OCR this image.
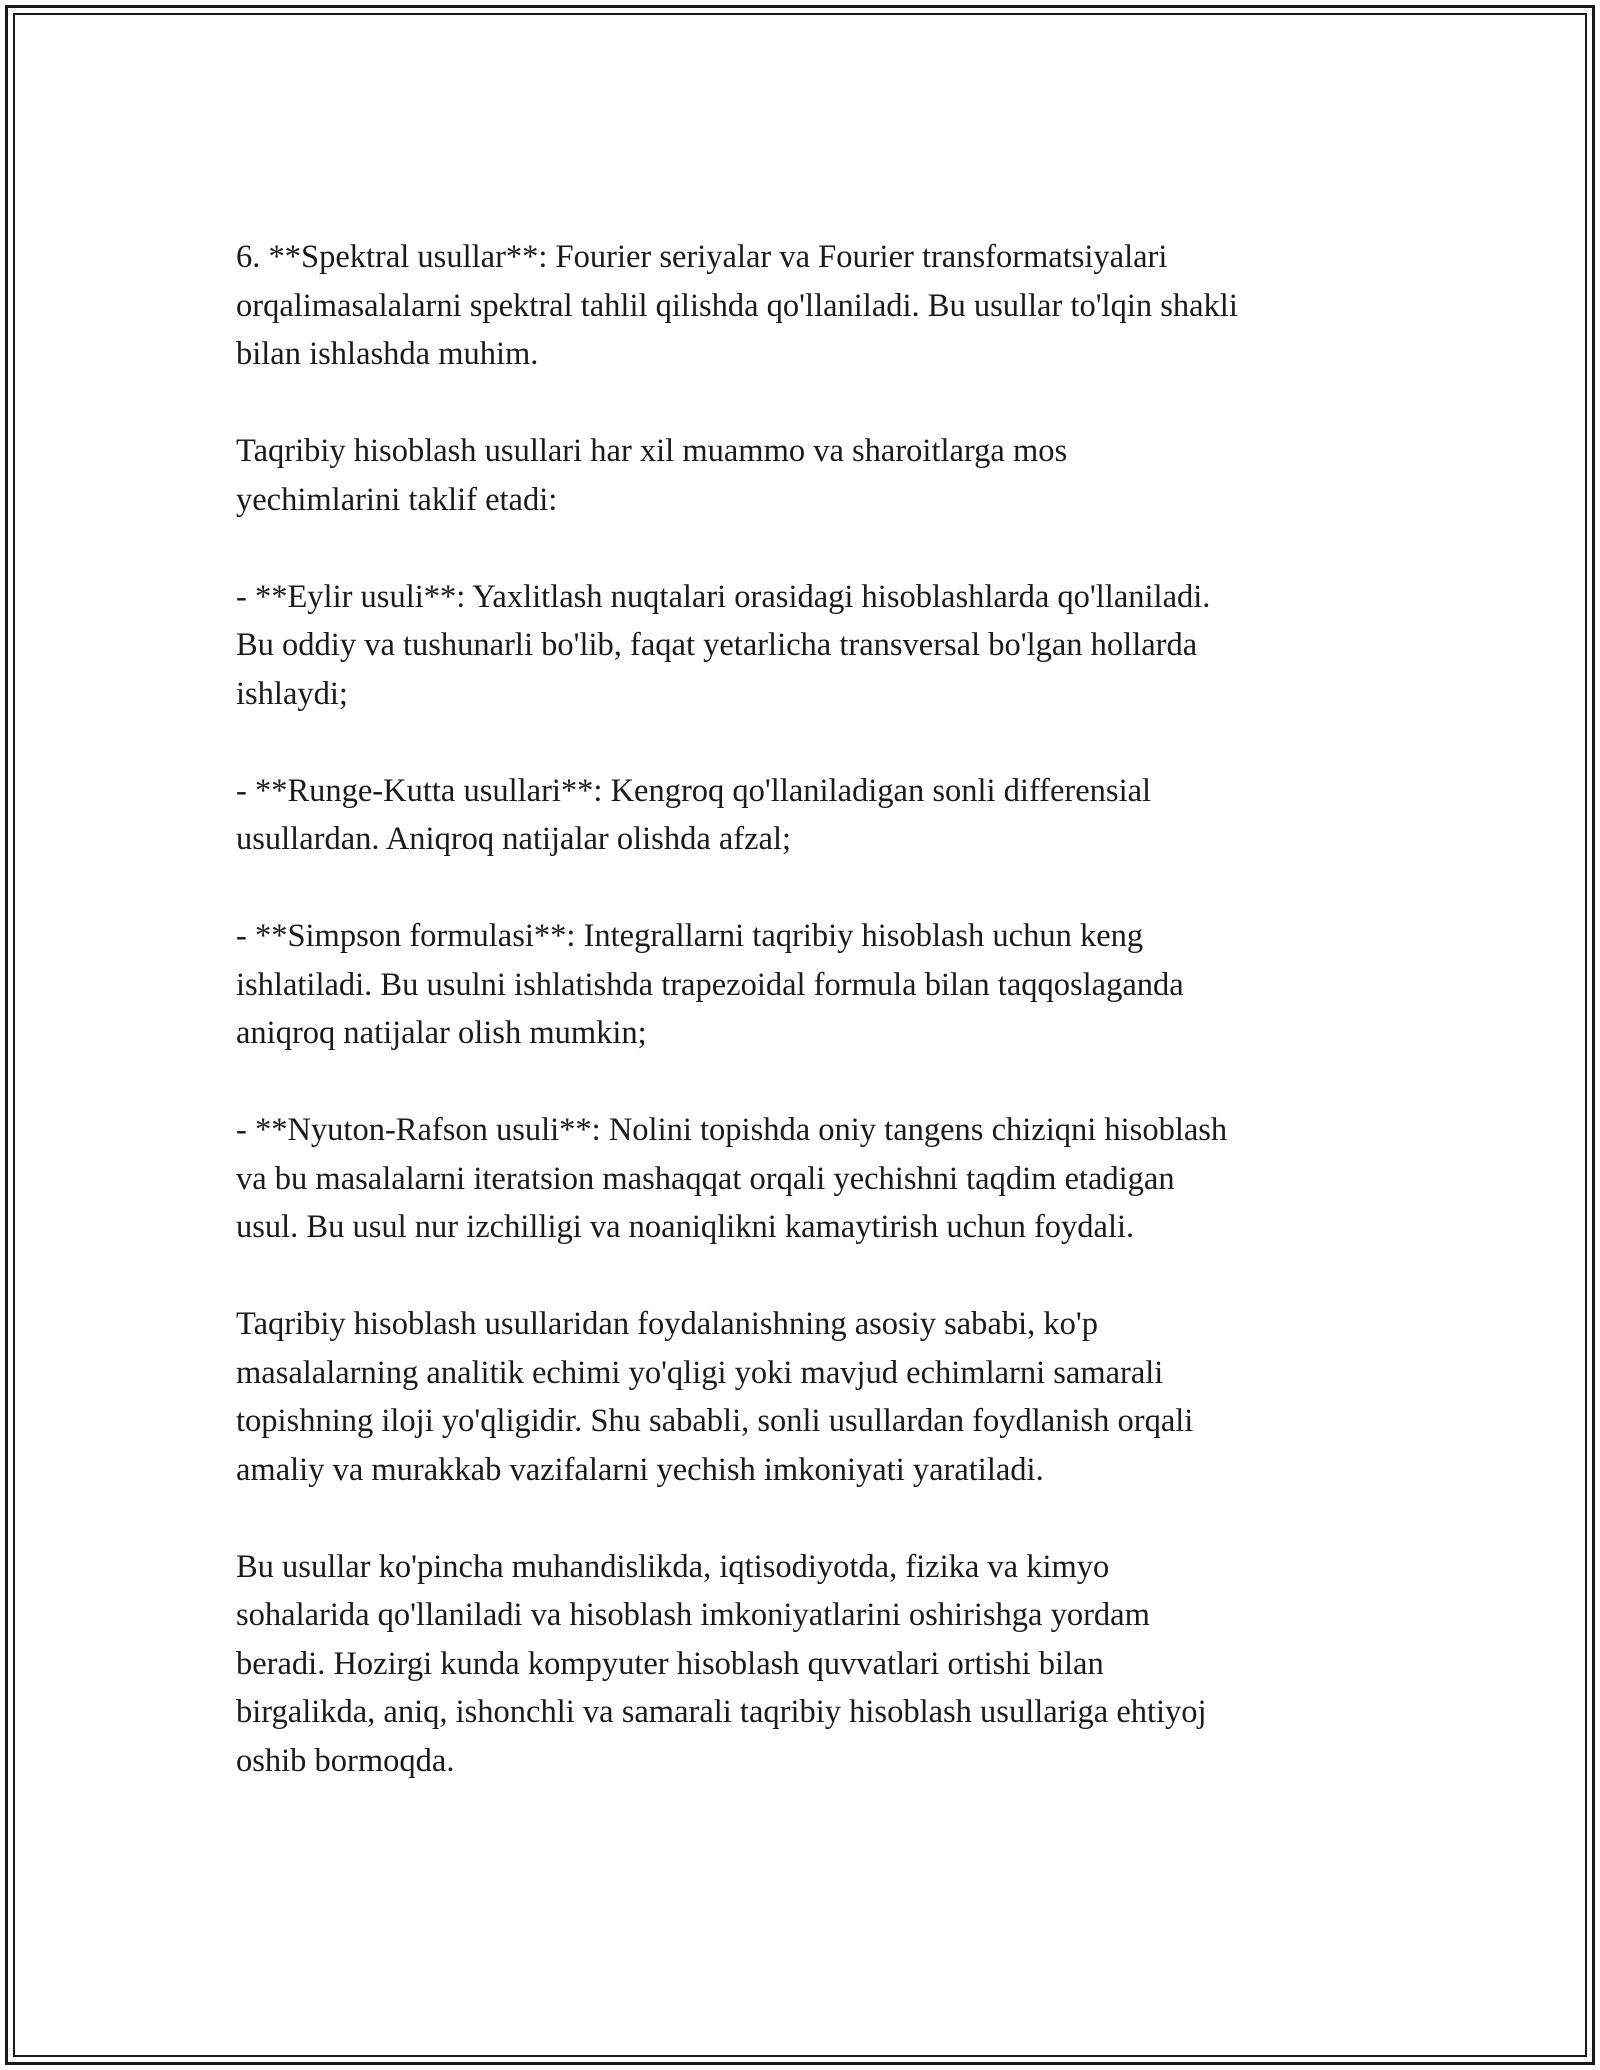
6. **Spektral usullar**: Fourier seriyalar va Fourier transformatsiyalari
orqalimasalalarni spektral tahlil qilishda qo'llaniladi. Bu usullar to'lqin shakli
bilan ishlashda muhim.

Taqribiy hisoblash usullari har xil muammo va sharoitlarga mos
yechimlarini taklif etadi:

- **Eylir usuli**: Yaxlitlash nuqtalari orasidagi hisoblashlarda qo'llaniladi.
Bu oddiy va tushunarli bo'lib, faqat yetarlicha transversal bo'lgan hollarda
ishlaydi;

- **Runge-Kutta usullari**: Kengroq qo'llaniladigan sonli differensial
usullardan. Aniqroq natijalar olishda afzal;

- **Simpson formulasi**: Integrallarni taqribiy hisoblash uchun keng
ishlatiladi. Bu usulni ishlatishda trapezoidal formula bilan taqqoslaganda
aniqroq natijalar olish mumkin;

- **Nyuton-Rafson usuli**: Nolini topishda oniy tangens chiziqni hisoblash
va bu masalalarni iteratsion mashaqqat orqali yechishni taqdim etadigan
usul. Bu usul nur izchilligi va noaniqlikni kamaytirish uchun foydali.

Taqribiy hisoblash usullaridan foydalanishning asosiy sababi, ko'p
masalalarning analitik echimi yo'qligi yoki mavjud echimlarni samarali
topishning iloji yo'qligidir. Shu sababli, sonli usullardan foydlanish orqali
amaliy va murakkab vazifalarni yechish imkoniyati yaratiladi.

Bu usullar ko'pincha muhandislikda, iqtisodiyotda, fizika va kimyo
sohalarida qo'llaniladi va hisoblash imkoniyatlarini oshirishga yordam
beradi. Hozirgi kunda kompyuter hisoblash quvvatlari ortishi bilan
birgalikda, aniq, ishonchli va samarali taqribiy hisoblash usullariga ehtiyoj
oshib bormoqda.
